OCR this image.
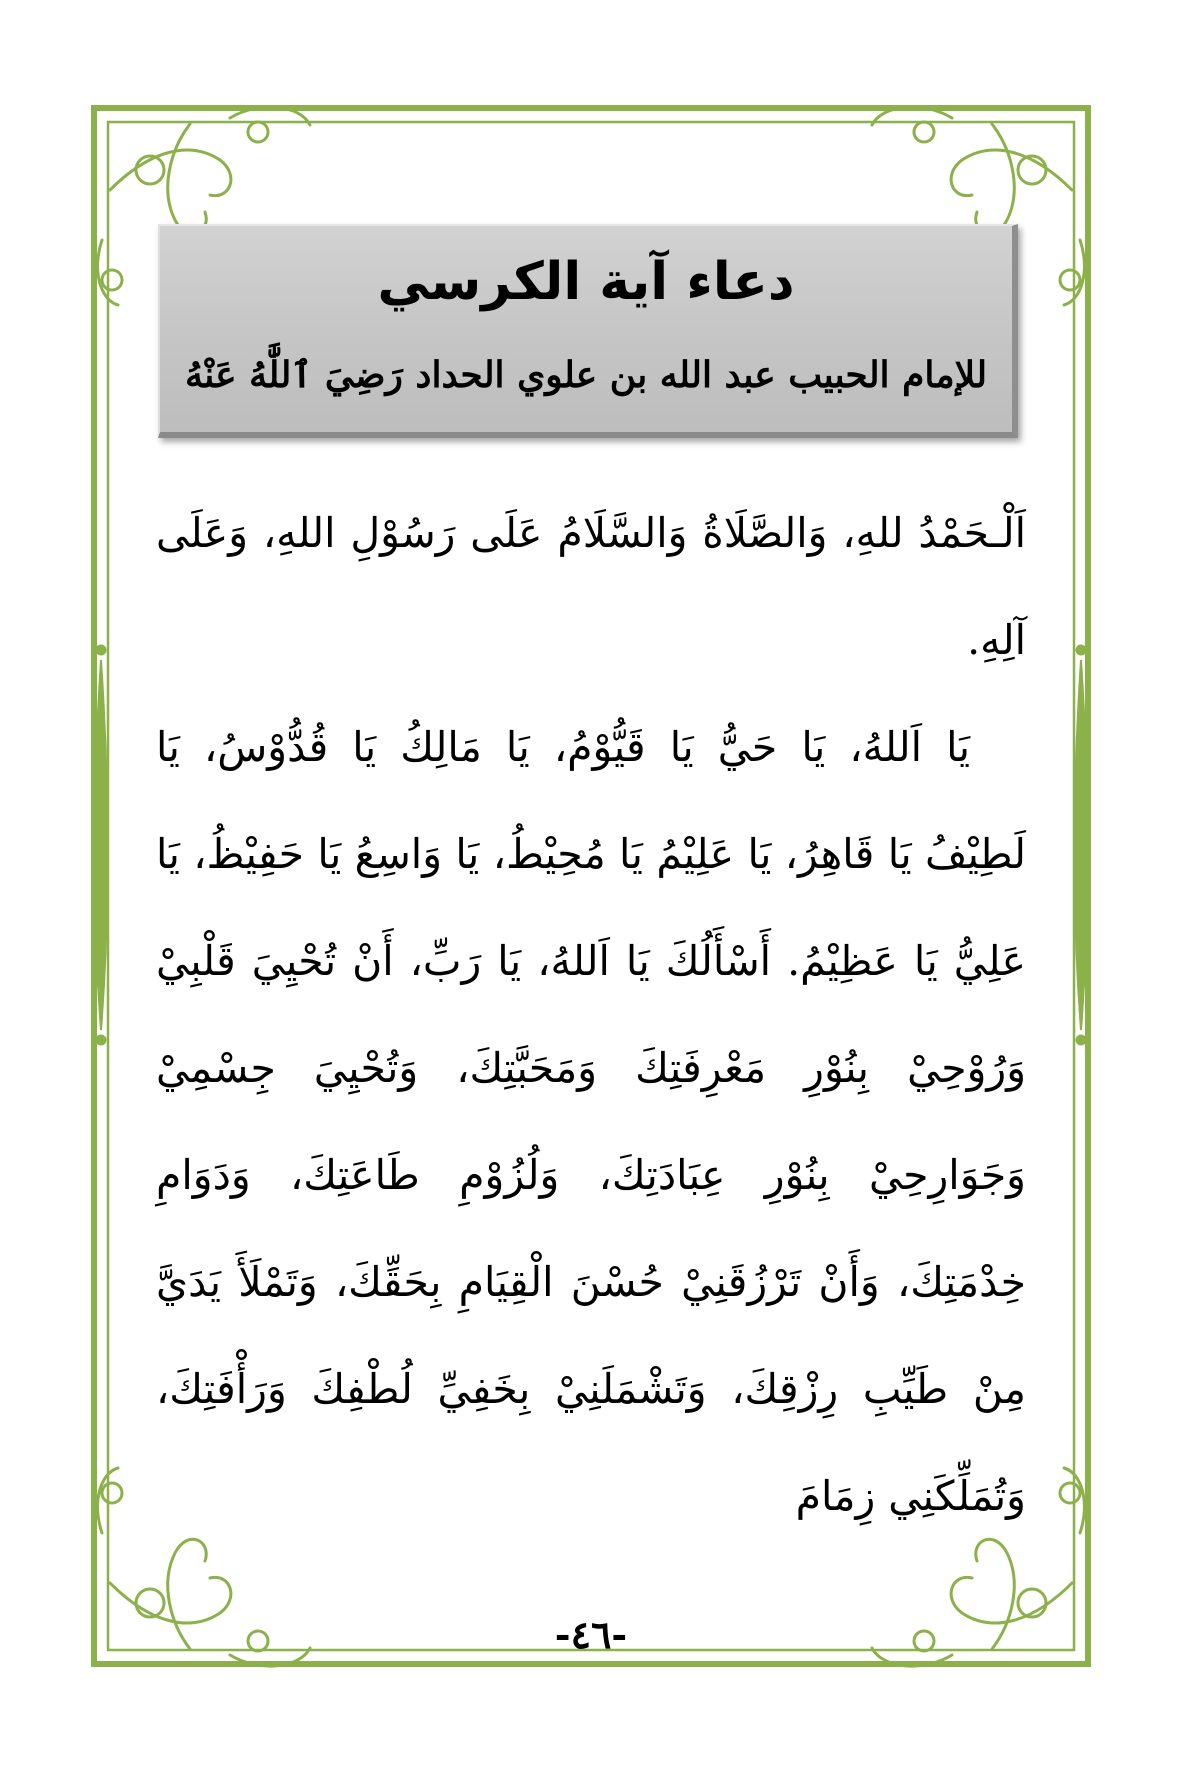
دعاء آية الكرسي
للإمام الحبيب عبد الله بن علوي الحداد رَضِيَ ٱللَّٰهُ عَنْهُ

اَلْـحَمْدُ للهِ، وَالصَّلَاةُ وَالسَّلَامُ عَلَى رَسُوْلِ اللهِ، وَعَلَى آلِهِ.

يَا اَللهُ، يَا حَيُّ يَا قَيُّوْمُ، يَا مَالِكُ يَا قُدُّوْسُ، يَا لَطِيْفُ يَا قَاهِرُ، يَا عَلِيْمُ يَا مُحِيْطُ، يَا وَاسِعُ يَا حَفِيْظُ، يَا عَلِيُّ يَا عَظِيْمُ. أَسْأَلُكَ يَا اَللهُ، يَا رَبِّ، أَنْ تُحْيِيَ قَلْبِيْ وَرُوْحِيْ بِنُوْرِ مَعْرِفَتِكَ وَمَحَبَّتِكَ، وَتُحْيِيَ جِسْمِيْ وَجَوَارِحِيْ بِنُوْرِ عِبَادَتِكَ، وَلُزُوْمِ طَاعَتِكَ، وَدَوَامِ خِدْمَتِكَ، وَأَنْ تَرْزُقَنِيْ حُسْنَ الْقِيَامِ بِحَقِّكَ، وَتَمْلَأَ يَدَيَّ مِنْ طَيِّبِ رِزْقِكَ، وَتَشْمَلَنِيْ بِخَفِيِّ لُطْفِكَ وَرَأْفَتِكَ، وَتُمَلِّكَنِي زِمَامَ

-٤٦-
